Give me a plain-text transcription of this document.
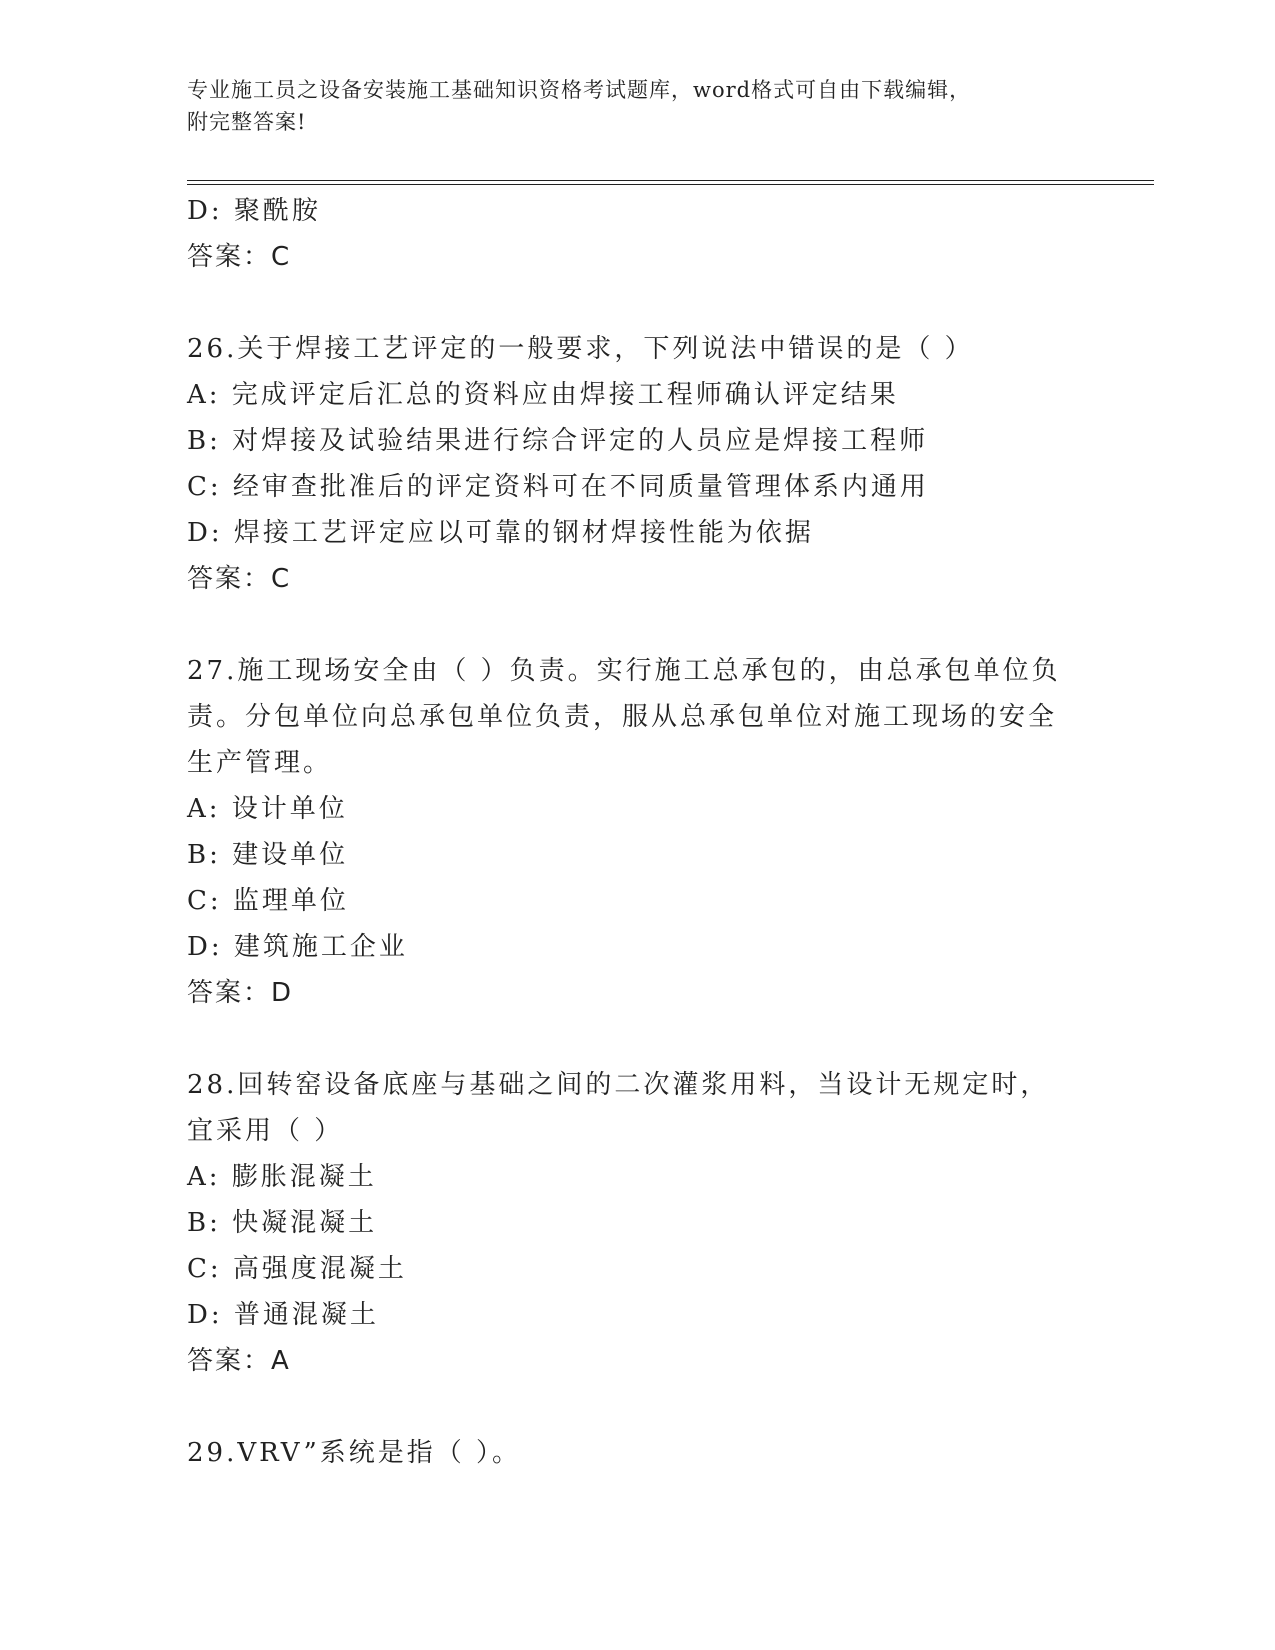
专业施工员之设备安装施工基础知识资格考试题库，word格式可自由下载编辑，
附完整答案!
D: 聚酰胺
答案：C
26.关于焊接工艺评定的一般要求，下列说法中错误的是（ ）
A: 完成评定后汇总的资料应由焊接工程师确认评定结果
B: 对焊接及试验结果进行综合评定的人员应是焊接工程师
C: 经审查批准后的评定资料可在不同质量管理体系内通用
D: 焊接工艺评定应以可靠的钢材焊接性能为依据
答案：C
27.施工现场安全由（ ）负责。实行施工总承包的，由总承包单位负责。分包单位向总承包单位负责，服从总承包单位对施工现场的安全生产管理。
A: 设计单位
B: 建设单位
C: 监理单位
D: 建筑施工企业
答案：D
28.回转窑设备底座与基础之间的二次灌浆用料，当设计无规定时，宜采用（ ）
A: 膨胀混凝土
B: 快凝混凝土
C: 高强度混凝土
D: 普通混凝土
答案：A
29.VRV”系统是指（ ）。
